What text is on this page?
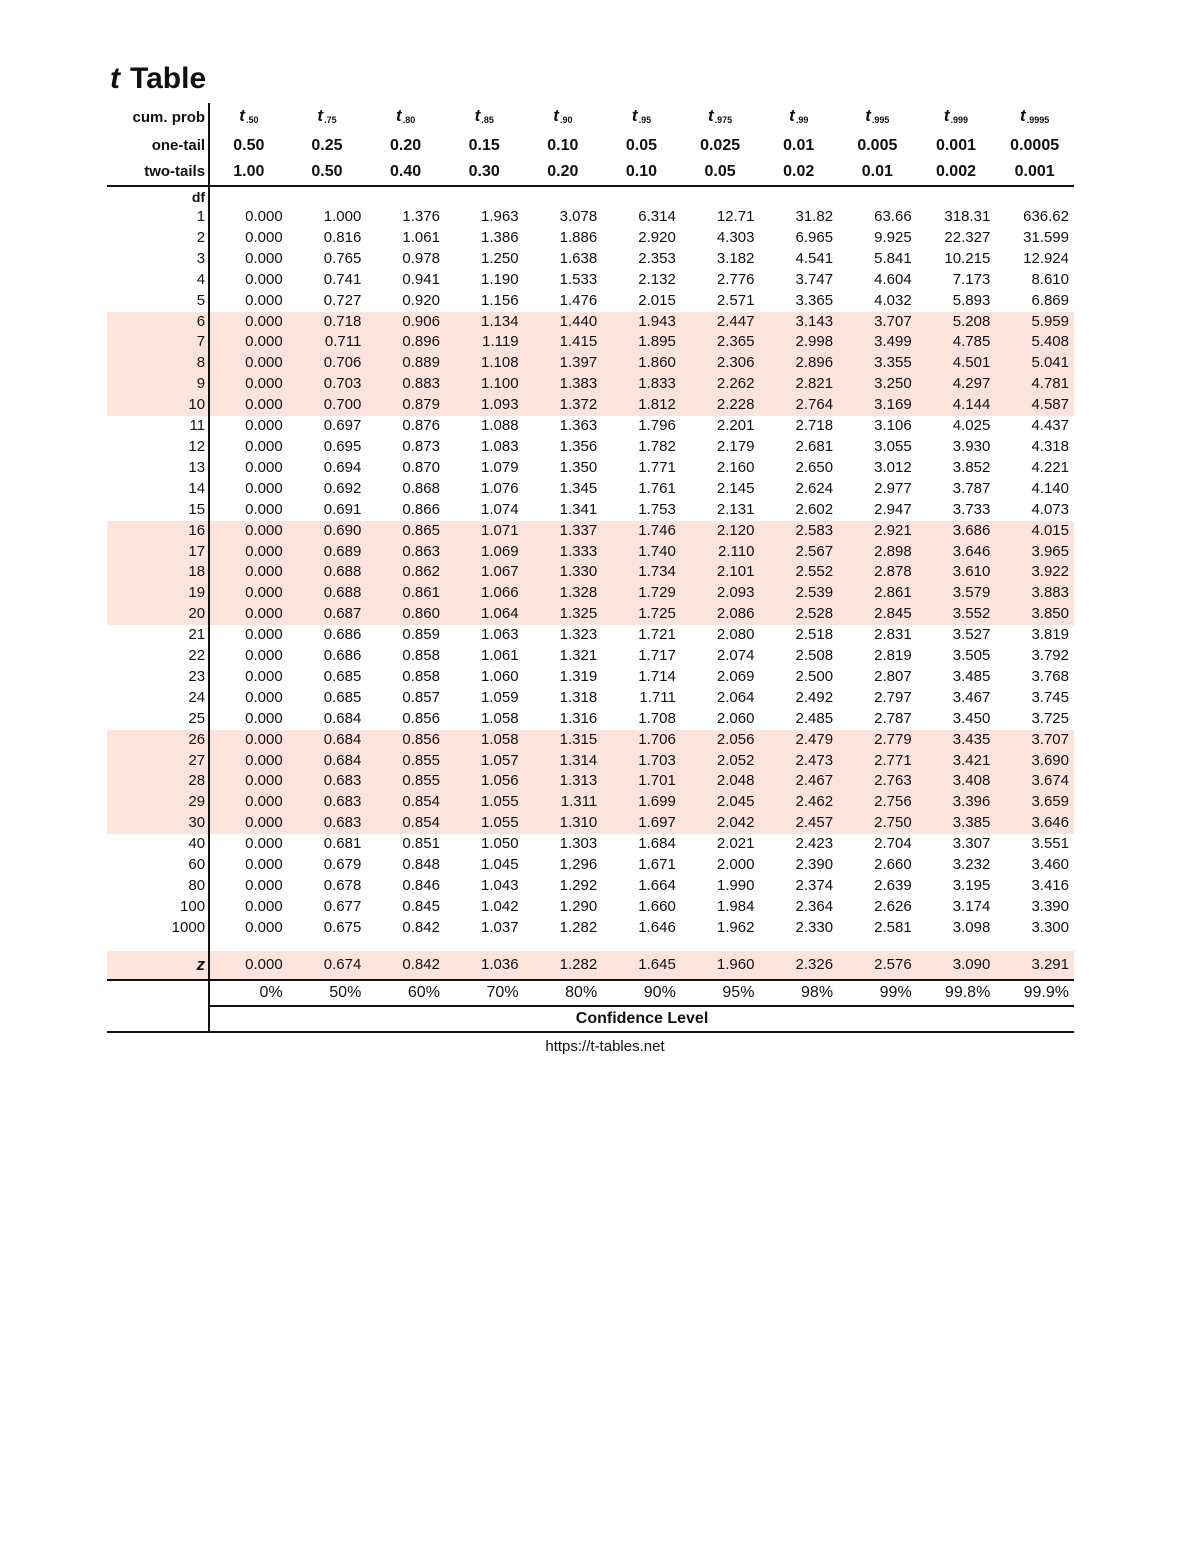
t Table
cum. prob	$t_{.50}$	$t_{.75}$	$t_{.80}$	$t_{.85}$	$t_{.90}$	$t_{.95}$	$t_{.975}$	$t_{.99}$	$t_{.995}$	$t_{.999}$	$t_{.9995}$
one-tail	0.50	0.25	0.20	0.15	0.10	0.05	0.025	0.01	0.005	0.001	0.0005
two-tails	1.00	0.50	0.40	0.30	0.20	0.10	0.05	0.02	0.01	0.002	0.001
df											
1	0.000	1.000	1.376	1.963	3.078	6.314	12.71	31.82	63.66	318.31	636.62
2	0.000	0.816	1.061	1.386	1.886	2.920	4.303	6.965	9.925	22.327	31.599
3	0.000	0.765	0.978	1.250	1.638	2.353	3.182	4.541	5.841	10.215	12.924
4	0.000	0.741	0.941	1.190	1.533	2.132	2.776	3.747	4.604	7.173	8.610
5	0.000	0.727	0.920	1.156	1.476	2.015	2.571	3.365	4.032	5.893	6.869
6	0.000	0.718	0.906	1.134	1.440	1.943	2.447	3.143	3.707	5.208	5.959
7	0.000	0.711	0.896	1.119	1.415	1.895	2.365	2.998	3.499	4.785	5.408
8	0.000	0.706	0.889	1.108	1.397	1.860	2.306	2.896	3.355	4.501	5.041
9	0.000	0.703	0.883	1.100	1.383	1.833	2.262	2.821	3.250	4.297	4.781
10	0.000	0.700	0.879	1.093	1.372	1.812	2.228	2.764	3.169	4.144	4.587
11	0.000	0.697	0.876	1.088	1.363	1.796	2.201	2.718	3.106	4.025	4.437
12	0.000	0.695	0.873	1.083	1.356	1.782	2.179	2.681	3.055	3.930	4.318
13	0.000	0.694	0.870	1.079	1.350	1.771	2.160	2.650	3.012	3.852	4.221
14	0.000	0.692	0.868	1.076	1.345	1.761	2.145	2.624	2.977	3.787	4.140
15	0.000	0.691	0.866	1.074	1.341	1.753	2.131	2.602	2.947	3.733	4.073
16	0.000	0.690	0.865	1.071	1.337	1.746	2.120	2.583	2.921	3.686	4.015
17	0.000	0.689	0.863	1.069	1.333	1.740	2.110	2.567	2.898	3.646	3.965
18	0.000	0.688	0.862	1.067	1.330	1.734	2.101	2.552	2.878	3.610	3.922
19	0.000	0.688	0.861	1.066	1.328	1.729	2.093	2.539	2.861	3.579	3.883
20	0.000	0.687	0.860	1.064	1.325	1.725	2.086	2.528	2.845	3.552	3.850
21	0.000	0.686	0.859	1.063	1.323	1.721	2.080	2.518	2.831	3.527	3.819
22	0.000	0.686	0.858	1.061	1.321	1.717	2.074	2.508	2.819	3.505	3.792
23	0.000	0.685	0.858	1.060	1.319	1.714	2.069	2.500	2.807	3.485	3.768
24	0.000	0.685	0.857	1.059	1.318	1.711	2.064	2.492	2.797	3.467	3.745
25	0.000	0.684	0.856	1.058	1.316	1.708	2.060	2.485	2.787	3.450	3.725
26	0.000	0.684	0.856	1.058	1.315	1.706	2.056	2.479	2.779	3.435	3.707
27	0.000	0.684	0.855	1.057	1.314	1.703	2.052	2.473	2.771	3.421	3.690
28	0.000	0.683	0.855	1.056	1.313	1.701	2.048	2.467	2.763	3.408	3.674
29	0.000	0.683	0.854	1.055	1.311	1.699	2.045	2.462	2.756	3.396	3.659
30	0.000	0.683	0.854	1.055	1.310	1.697	2.042	2.457	2.750	3.385	3.646
40	0.000	0.681	0.851	1.050	1.303	1.684	2.021	2.423	2.704	3.307	3.551
60	0.000	0.679	0.848	1.045	1.296	1.671	2.000	2.390	2.660	3.232	3.460
80	0.000	0.678	0.846	1.043	1.292	1.664	1.990	2.374	2.639	3.195	3.416
100	0.000	0.677	0.845	1.042	1.290	1.660	1.984	2.364	2.626	3.174	3.390
1000	0.000	0.675	0.842	1.037	1.282	1.646	1.962	2.330	2.581	3.098	3.300

z	0.000	0.674	0.842	1.036	1.282	1.645	1.960	2.326	2.576	3.090	3.291
	0%	50%	60%	70%	80%	90%	95%	98%	99%	99.8%	99.9%
	Confidence Level										
https://t-tables.net
